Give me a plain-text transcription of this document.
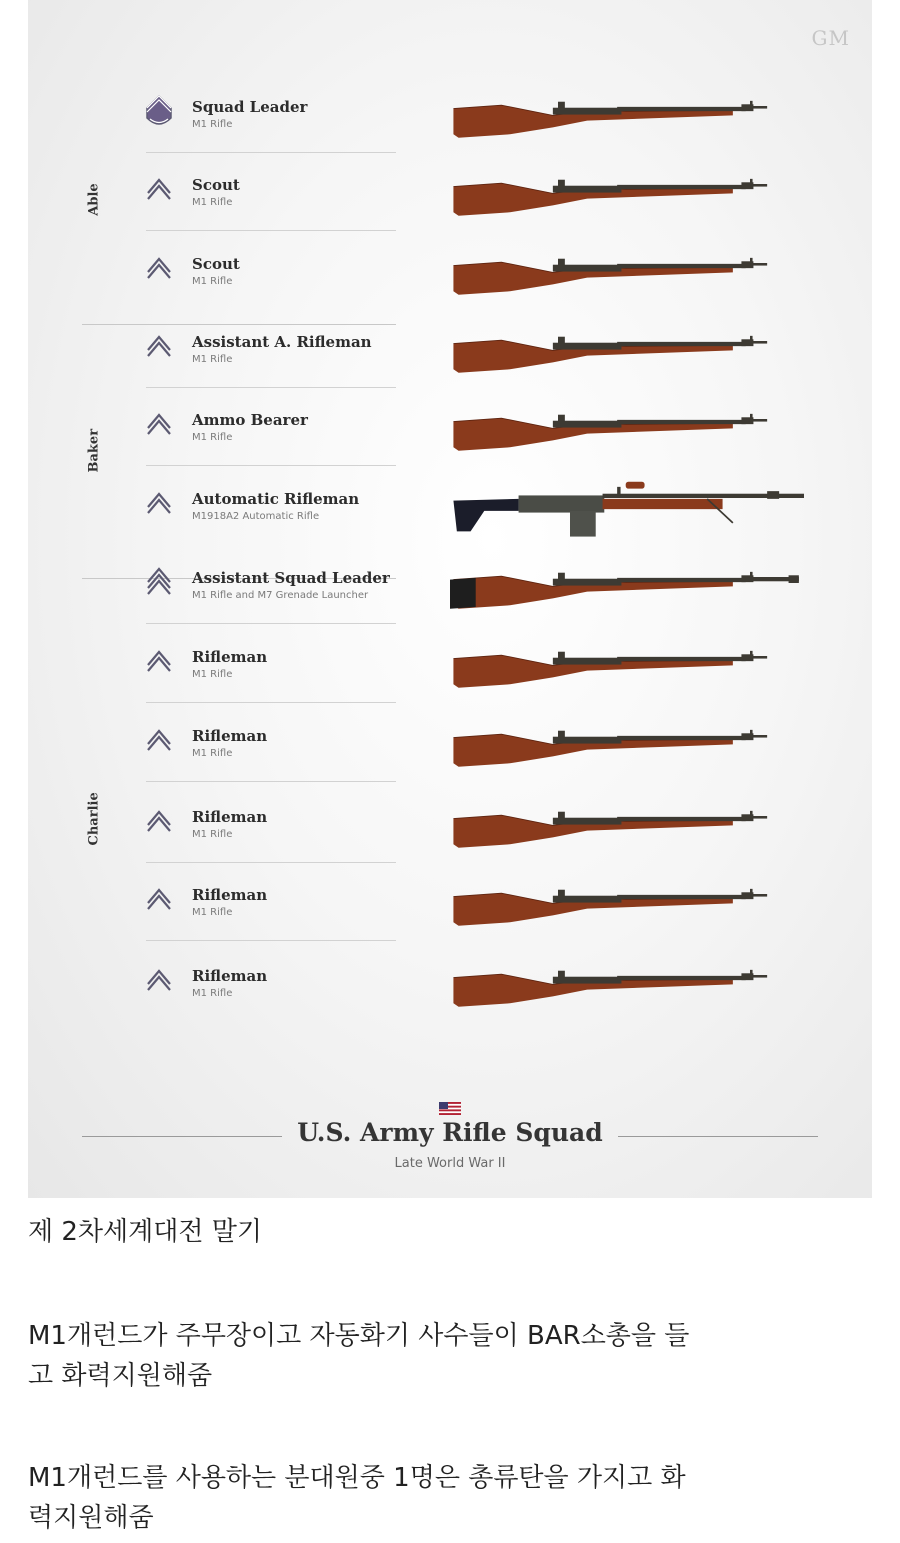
GM
Able
Baker
Charlie
Squad Leader
M1 Rifle
Scout
M1 Rifle
Scout
M1 Rifle
Assistant A. Rifleman
M1 Rifle
Ammo Bearer
M1 Rifle
Automatic Rifleman
M1918A2 Automatic Rifle
Assistant Squad Leader
M1 Rifle and M7 Grenade Launcher
Rifleman
M1 Rifle
Rifleman
M1 Rifle
Rifleman
M1 Rifle
Rifleman
M1 Rifle
Rifleman
M1 Rifle
U.S. Army Rifle Squad
Late World War II
제 2차세계대전 말기
M1개런드가 주무장이고 자동화기 사수들이 BAR소총을 들
고 화력지원해줌
M1개런드를 사용하는 분대원중 1명은 총류탄을 가지고 화
력지원해줌
